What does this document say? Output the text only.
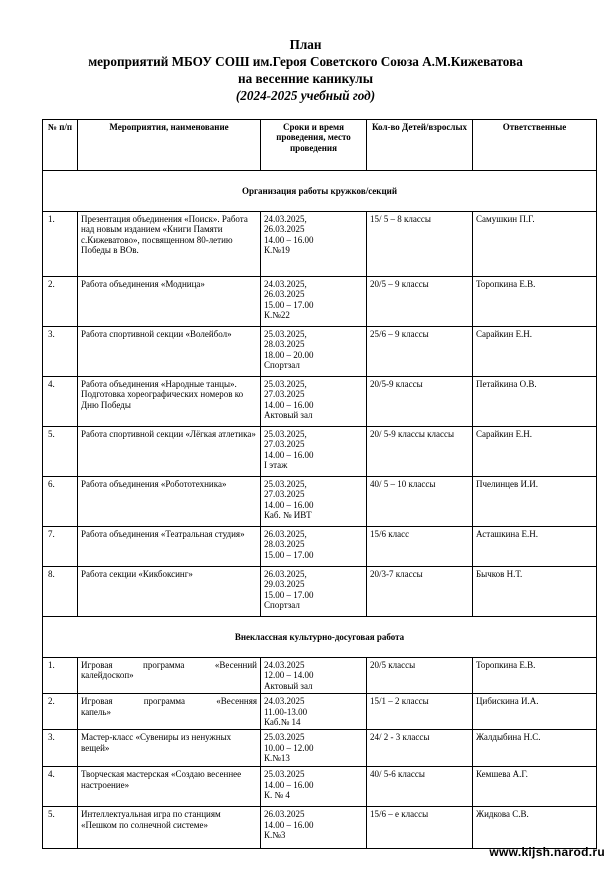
План
мероприятий МБОУ СОШ им.Героя Советского Союза А.М.Кижеватова
на весенние каникулы
(2024-2025 учебный год)
№ п/п	Мероприятия, наименование	Сроки и время проведения, место проведения	Кол-во Детей/взрослых	Ответственные
Организация работы кружков/секций				
1.	Презентация объединения «Поиск». Работа над новым изданием «Книги Памяти с.Кижеватово», посвященном 80-летию Победы в ВОв.	24.03.2025,
26.03.2025
14.00 – 16.00
К.№19	15/ 5 – 8 классы	Самушкин П.Г.
2.	Работа объединения «Модница»	24.03.2025,
26.03.2025
15.00 – 17.00
К.№22	20/5 – 9 классы	Торопкина Е.В.
3.	Работа спортивной секции «Волейбол»	25.03.2025,
28.03.2025
18.00 – 20.00
Спортзал	25/6 – 9 классы	Сарайкин Е.Н.
4.	Работа объединения «Народные танцы».
Подготовка хореографических номеров ко Дню Победы	25.03.2025,
27.03.2025
14.00 – 16.00
Актовый зал	20/5-9 классы	Петайкина О.В.
5.	Работа спортивной секции «Лёгкая атлетика»	25.03.2025,
27.03.2025
14.00 – 16.00
I этаж	20/ 5-9 классы классы	Сарайкин Е.Н.
6.	Работа объединения «Робототехника»	25.03.2025,
27.03.2025
14.00 – 16.00
Каб. № ИВТ	40/ 5 – 10 классы	Пчелинцев И.И.
7.	Работа объединения «Театральная студия»	26.03.2025,
28.03.2025
15.00 – 17.00	15/6 класс	Асташкина Е.Н.
8.	Работа секции «Кикбоксинг»	26.03.2025,
29.03.2025
15.00 – 17.00
Спортзал	20/3-7 классы	Бычков Н.Т.
Внеклассная культурно-досуговая работа				
1.	Игровая программа «Весенний
калейдоскоп»	24.03.2025
12.00 – 14.00
Актовый зал	20/5 классы	Торопкина Е.В.
2.	Игровая программа «Весенняя
капель»	24.03.2025
11.00-13.00
Каб.№ 14	15/1 – 2 классы	Цибискина И.А.
3.	Мастер-класс «Сувениры из ненужных вещей»	25.03.2025
10.00 – 12.00
К.№13	24/ 2 - 3 классы	Жалдыбина Н.С.
4.	Творческая мастерская «Создаю весеннее настроение»	25.03.2025
14.00 – 16.00
К. № 4	40/ 5-6 классы	Кемшева А.Г.
5.	Интеллектуальная игра по станциям «Пешком по солнечной системе»	26.03.2025
14.00 – 16.00
К.№3	15/6 – е классы	Жидкова С.В.
www.kijsh.narod.ru
